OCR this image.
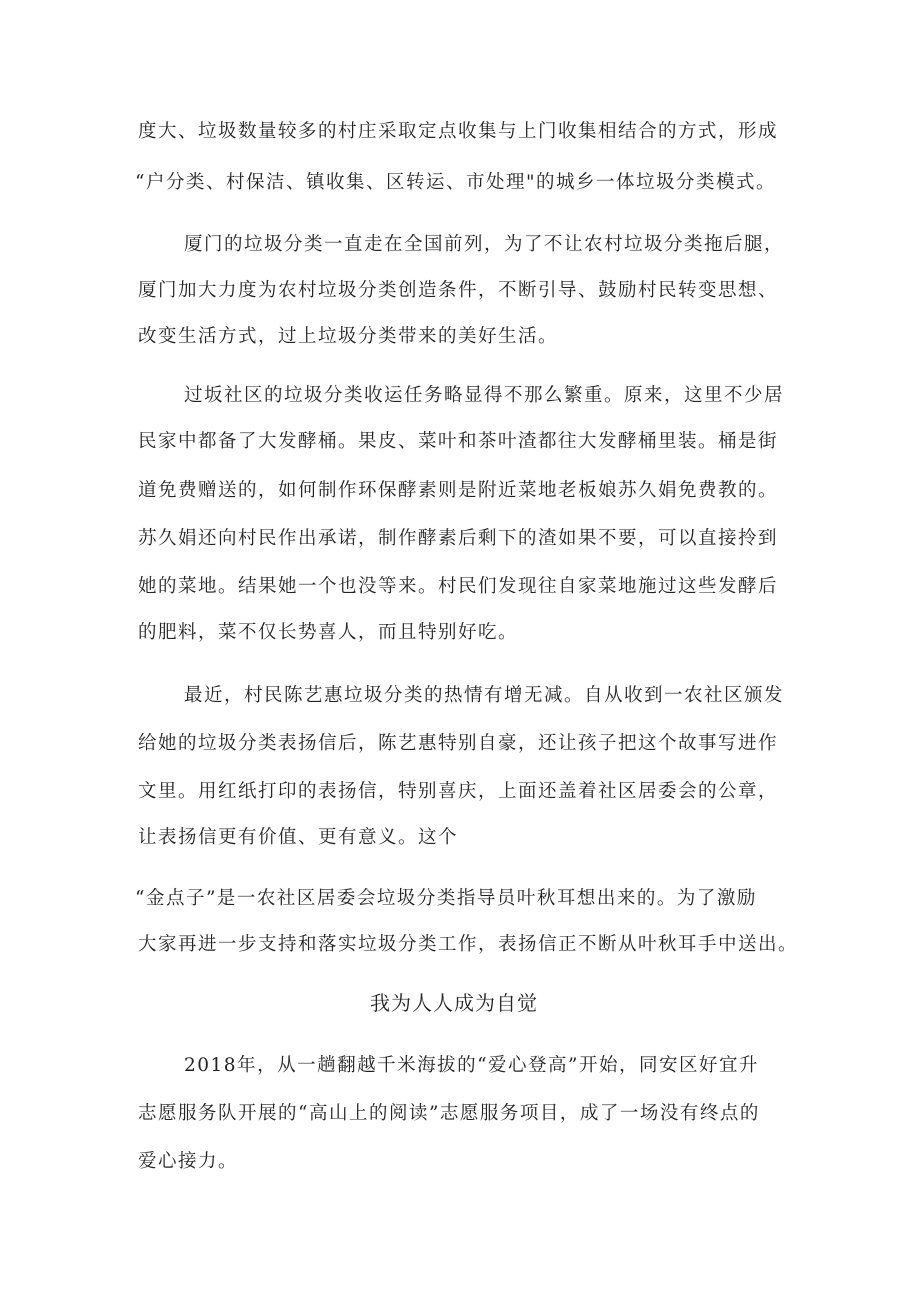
度大、垃圾数量较多的村庄采取定点收集与上门收集相结合的方式，形成
“户分类、村保洁、镇收集、区转运、市处理"的城乡一体垃圾分类模式。
厦门的垃圾分类一直走在全国前列，为了不让农村垃圾分类拖后腿，
厦门加大力度为农村垃圾分类创造条件，不断引导、鼓励村民转变思想、
改变生活方式，过上垃圾分类带来的美好生活。
过坂社区的垃圾分类收运任务略显得不那么繁重。原来，这里不少居
民家中都备了大发酵桶。果皮、菜叶和茶叶渣都往大发酵桶里装。桶是街
道免费赠送的，如何制作环保酵素则是附近菜地老板娘苏久娟免费教的。
苏久娟还向村民作出承诺，制作酵素后剩下的渣如果不要，可以直接拎到
她的菜地。结果她一个也没等来。村民们发现往自家菜地施过这些发酵后
的肥料，菜不仅长势喜人，而且特别好吃。
最近，村民陈艺惠垃圾分类的热情有增无减。自从收到一农社区颁发
给她的垃圾分类表扬信后，陈艺惠特别自豪，还让孩子把这个故事写进作
文里。用红纸打印的表扬信，特别喜庆，上面还盖着社区居委会的公章，
让表扬信更有价值、更有意义。这个
“金点子”是一农社区居委会垃圾分类指导员叶秋耳想出来的。为了激励
大家再进一步支持和落实垃圾分类工作，表扬信正不断从叶秋耳手中送出。
我为人人成为自觉
2018年，从一趟翻越千米海拔的“爱心登高”开始，同安区好宜升
志愿服务队开展的“高山上的阅读”志愿服务项目，成了一场没有终点的
爱心接力。
